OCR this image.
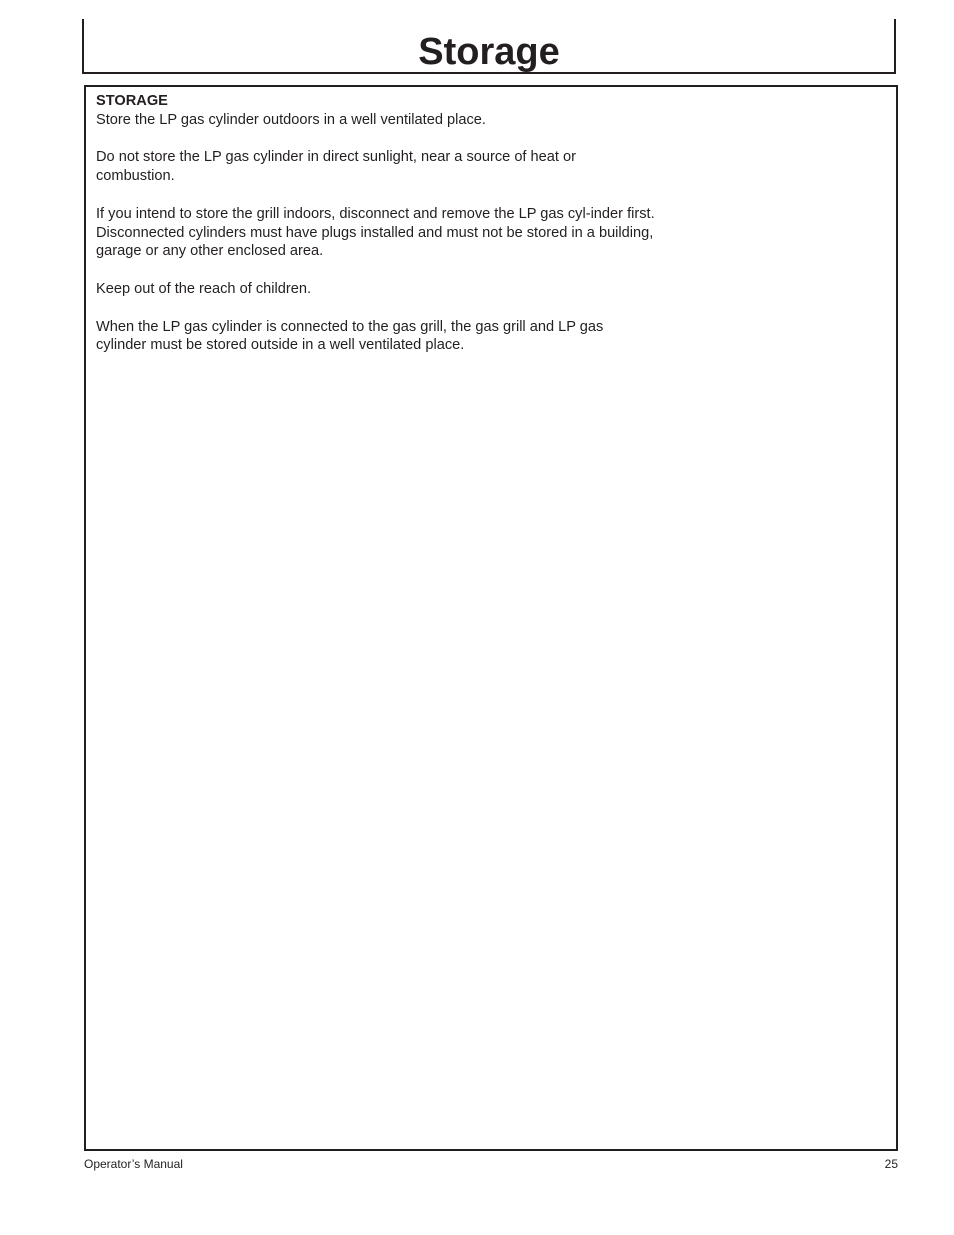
Storage

STORAGE

Store the LP gas cylinder outdoors in a well ventilated place.

Do not store the LP gas cylinder in direct sunlight, near a source of heat or combustion.

If you intend to store the grill indoors, disconnect and remove the LP gas cyl-inder first. Disconnected cylinders must have plugs installed and must not be stored in a building, garage or any other enclosed area.

Keep out of the reach of children.

When the LP gas cylinder is connected to the gas grill, the gas grill and LP gas cylinder must be stored outside in a well ventilated place.

Operator’s Manual	25
